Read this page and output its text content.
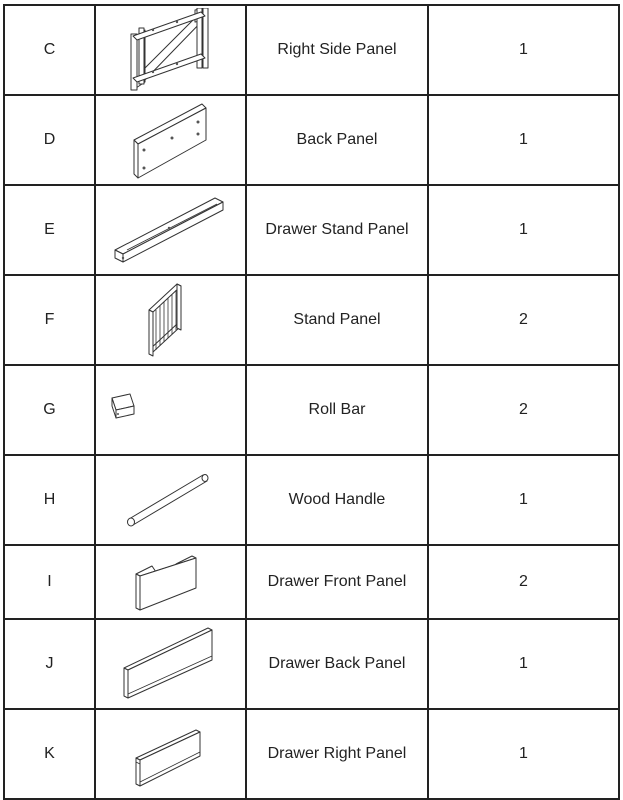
C		Right Side Panel	1
D		Back Panel	1
E		Drawer Stand Panel	1
F		Stand Panel	2
G		Roll Bar	2
H		Wood Handle	1
I		Drawer Front Panel	2
J		Drawer Back Panel	1
K		Drawer Right Panel	1
